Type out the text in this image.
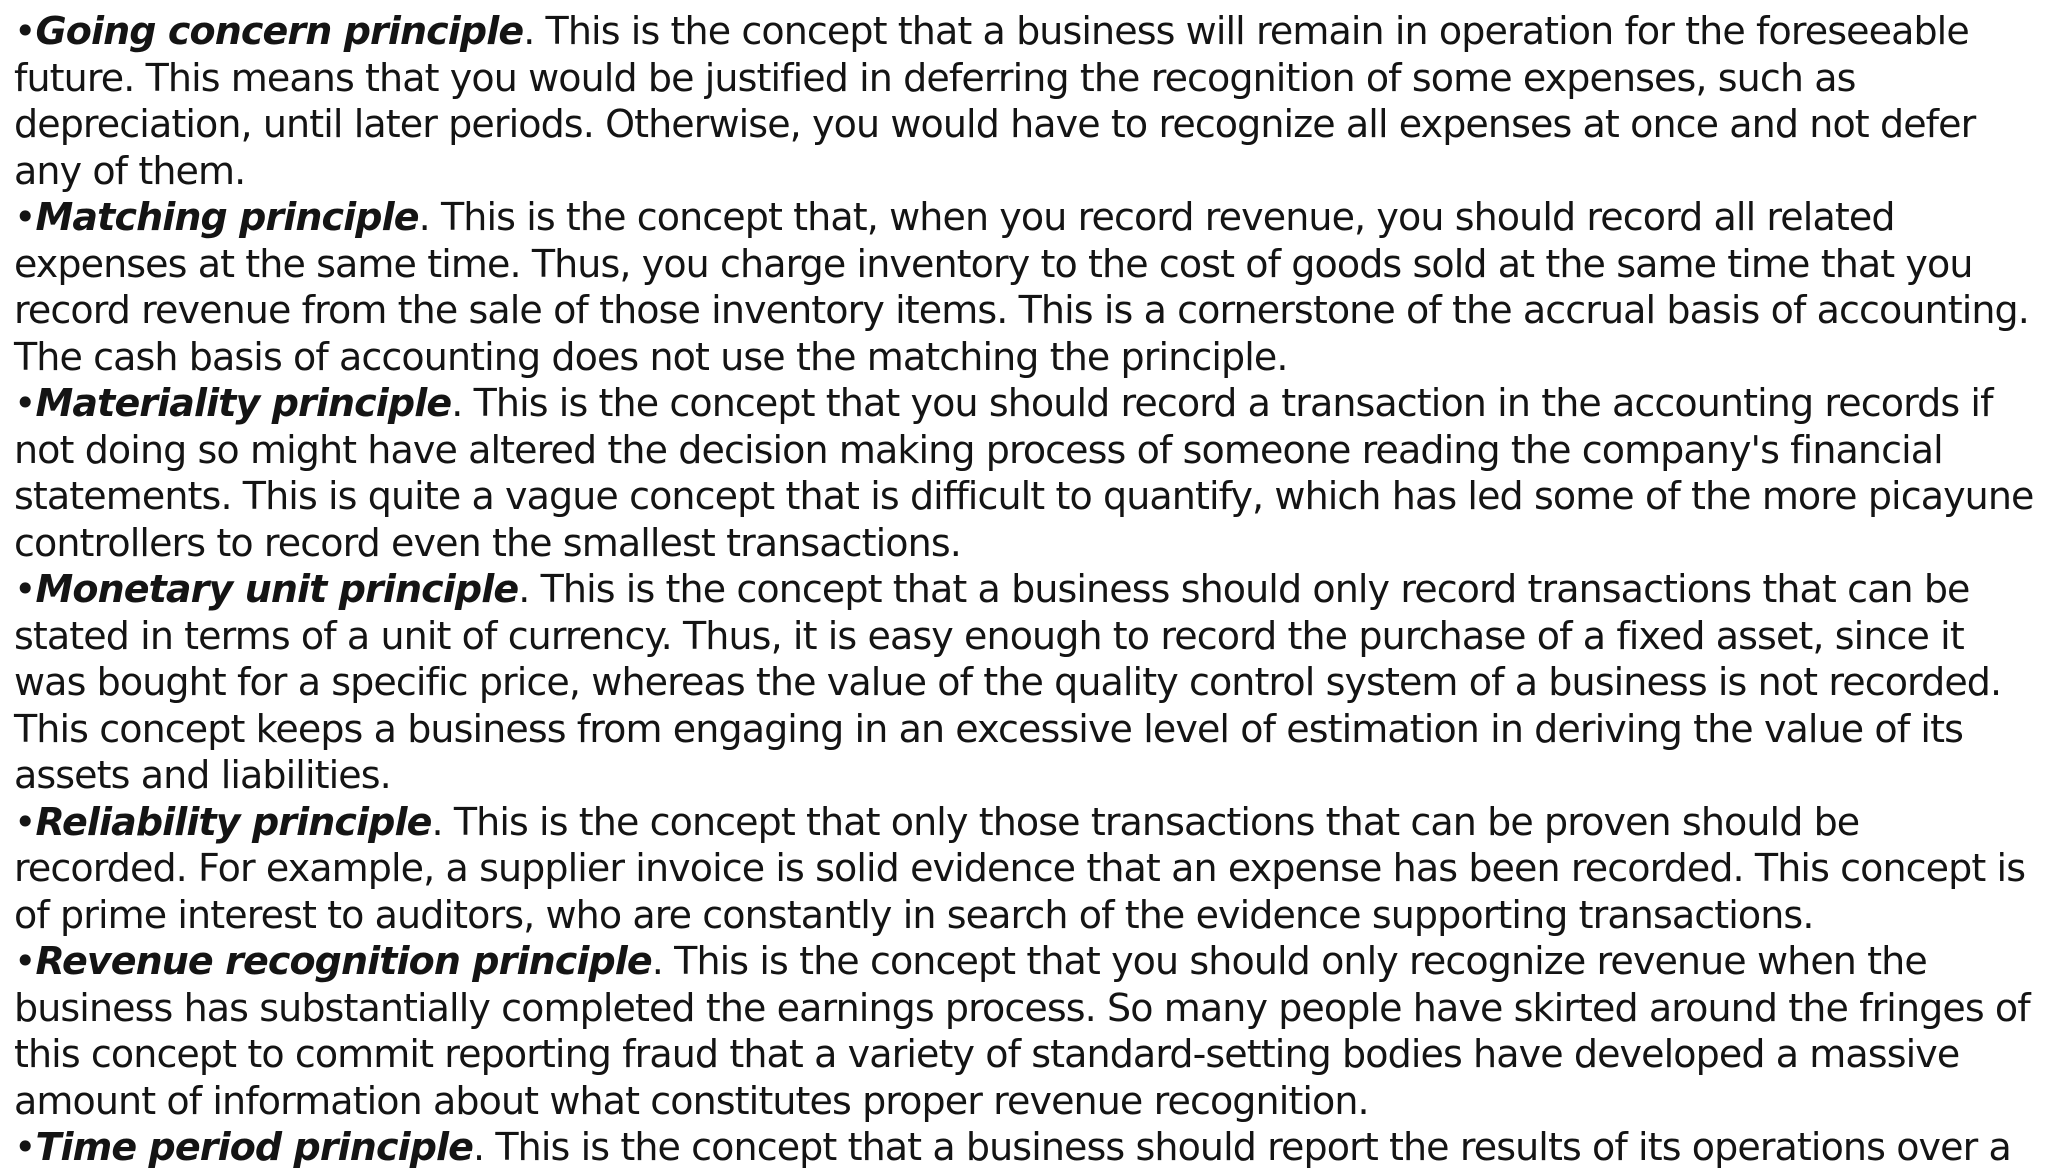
•Going concern principle. This is the concept that a business will remain in operation for the foreseeable future. This means that you would be justified in deferring the recognition of some expenses, such as depreciation, until later periods. Otherwise, you would have to recognize all expenses at once and not defer any of them.

•Matching principle. This is the concept that, when you record revenue, you should record all related expenses at the same time. Thus, you charge inventory to the cost of goods sold at the same time that you record revenue from the sale of those inventory items. This is a cornerstone of the accrual basis of accounting. The cash basis of accounting does not use the matching the principle.

•Materiality principle. This is the concept that you should record a transaction in the accounting records if not doing so might have altered the decision making process of someone reading the company's financial statements. This is quite a vague concept that is difficult to quantify, which has led some of the more picayune controllers to record even the smallest transactions.

•Monetary unit principle. This is the concept that a business should only record transactions that can be stated in terms of a unit of currency. Thus, it is easy enough to record the purchase of a fixed asset, since it was bought for a specific price, whereas the value of the quality control system of a business is not recorded. This concept keeps a business from engaging in an excessive level of estimation in deriving the value of its assets and liabilities.

•Reliability principle. This is the concept that only those transactions that can be proven should be recorded. For example, a supplier invoice is solid evidence that an expense has been recorded. This concept is of prime interest to auditors, who are constantly in search of the evidence supporting transactions.

•Revenue recognition principle. This is the concept that you should only recognize revenue when the business has substantially completed the earnings process. So many people have skirted around the fringes of this concept to commit reporting fraud that a variety of standard-setting bodies have developed a massive amount of information about what constitutes proper revenue recognition.

•Time period principle. This is the concept that a business should report the results of its operations over a
